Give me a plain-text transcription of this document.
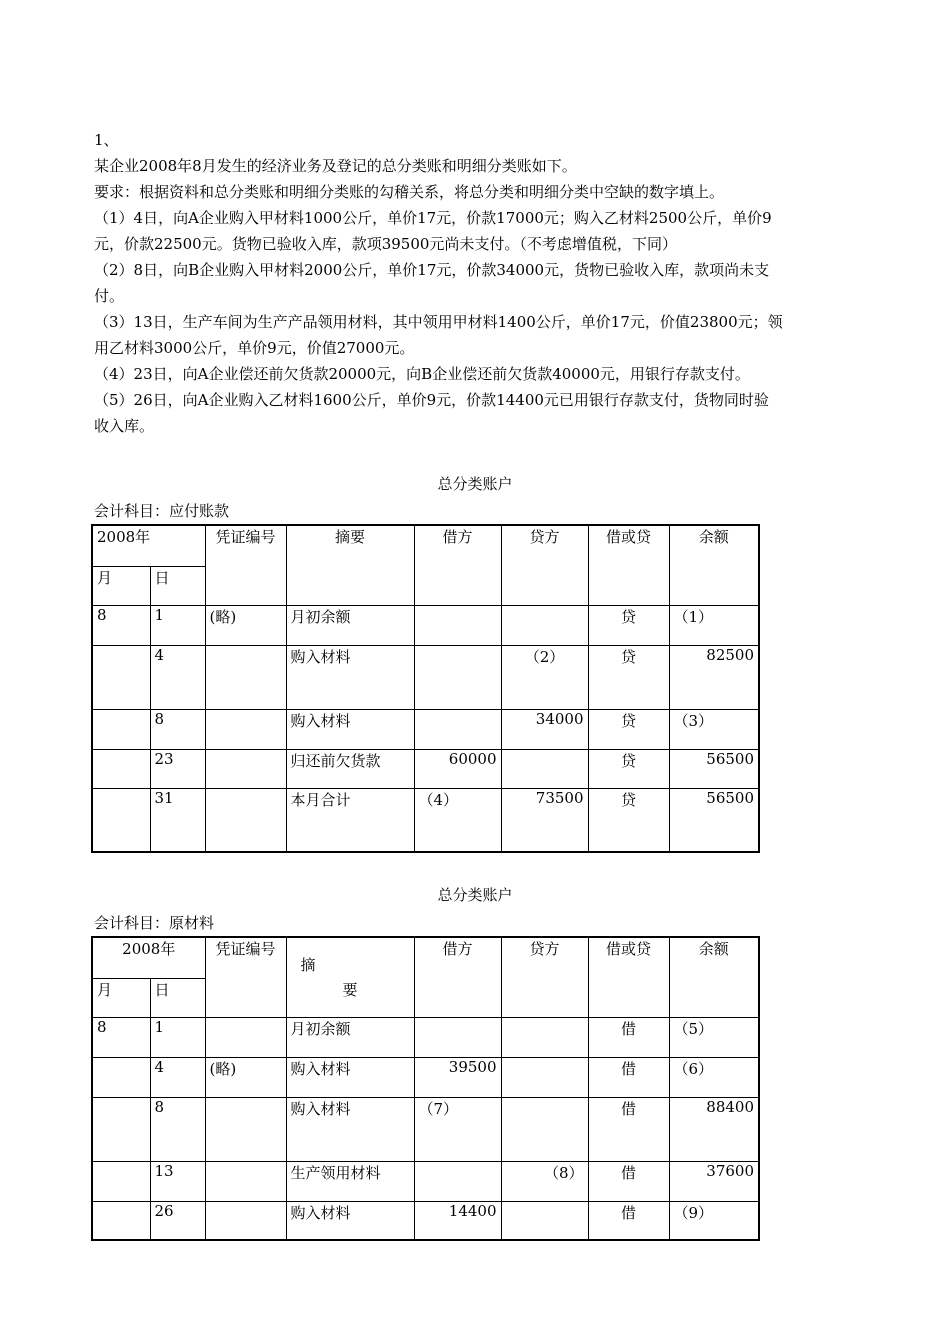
1、
某企业2008年8月发生的经济业务及登记的总分类账和明细分类账如下。
要求：根据资料和总分类账和明细分类账的勾稽关系，将总分类和明细分类中空缺的数字填上。
（1）4日，向A企业购入甲材料1000公斤，单价17元，价款17000元；购入乙材料2500公斤，单价9
元，价款22500元。货物已验收入库，款项39500元尚未支付。（不考虑增值税，下同）
（2）8日，向B企业购入甲材料2000公斤，单价17元，价款34000元，货物已验收入库，款项尚未支
付。
（3）13日，生产车间为生产产品领用材料，其中领用甲材料1400公斤，单价17元，价值23800元；领
用乙材料3000公斤，单价9元，价值27000元。
（4）23日，向A企业偿还前欠货款20000元，向B企业偿还前欠货款40000元，用银行存款支付。
（5）26日，向A企业购入乙材料1600公斤，单价9元，价款14400元已用银行存款支付，货物同时验
收入库。
总分类账户
会计科目：应付账款
2008年		凭证编号	摘要	借方	贷方	借或贷	余额
月	日						
8	1	(略)	月初余额			贷	（1）
	4		购入材料		（2）	贷	82500
	8		购入材料		34000	贷	（3）
	23		归还前欠货款	60000		贷	56500
	31		本月合计	（4）	73500	贷	56500
总分类账户
会计科目：原材料
2008年		凭证编号	摘
要	借方	贷方	借或贷	余额
月	日						
8	1		月初余额			借	（5）
	4	(略)	购入材料	39500		借	（6）
	8		购入材料	（7）		借	88400
	13		生产领用材料		（8）	借	37600
	26		购入材料	14400		借	（9）
